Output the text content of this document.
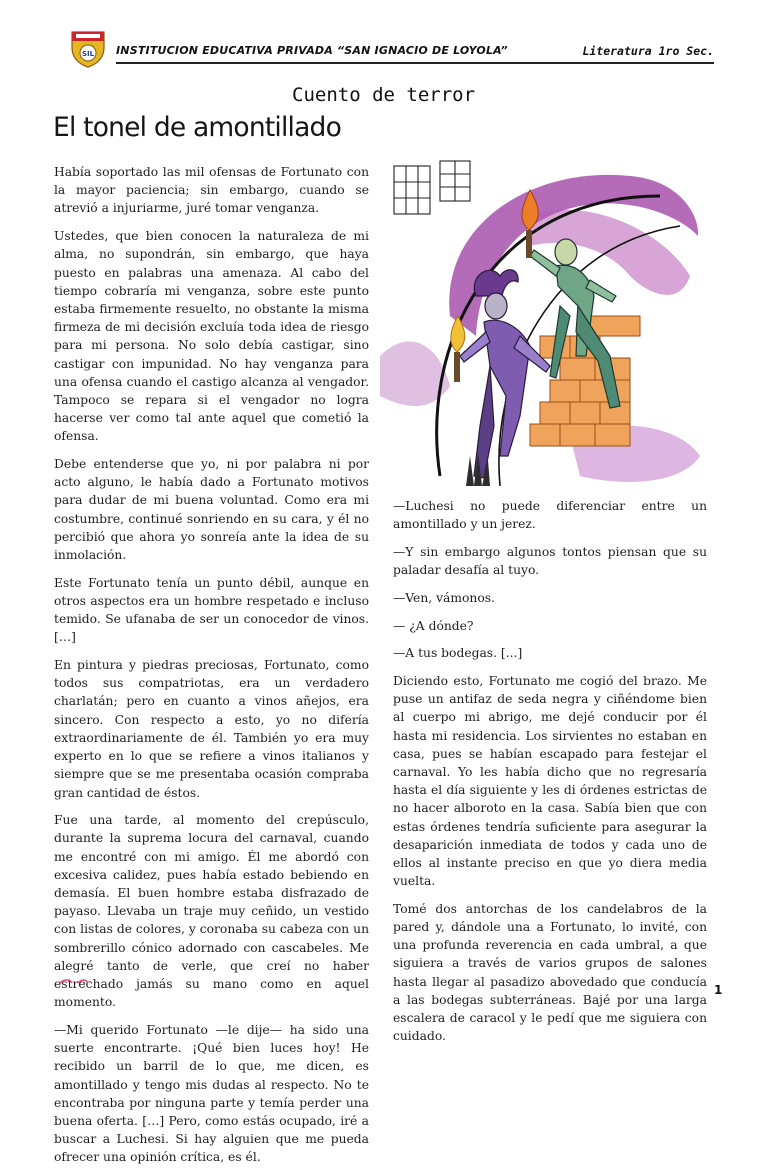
SIL INSTITUCION EDUCATIVA PRIVADA “SAN IGNACIO DE LOYOLA”	Literatura 1ro Sec.
Cuento de terror
El tonel de amontillado

Había soportado las mil ofensas de Fortunato con la mayor paciencia; sin embargo, cuando se atrevió a injuriarme, juré tomar venganza.

Ustedes, que bien conocen la naturaleza de mi alma, no supondrán, sin embargo, que haya puesto en palabras una amenaza. Al cabo del tiempo cobraría mi venganza, sobre este punto estaba firmemente resuelto, no obstante la misma firmeza de mi decisión excluía toda idea de riesgo para mi persona. No solo debía castigar, sino castigar con impunidad. No hay venganza para una ofensa cuando el castigo alcanza al vengador. Tampoco se repara si el vengador no logra hacerse ver como tal ante aquel que cometió la ofensa.

Debe entenderse que yo, ni por palabra ni por acto alguno, le había dado a Fortunato motivos para dudar de mi buena voluntad. Como era mi costumbre, continué sonriendo en su cara, y él no percibió que ahora yo sonreía ante la idea de su inmolación.

Este Fortunato tenía un punto débil, aunque en otros aspectos era un hombre respetado e incluso temido. Se ufanaba de ser un conocedor de vinos. […]

En pintura y piedras preciosas, Fortunato, como todos sus compatriotas, era un verdadero charlatán; pero en cuanto a vinos añejos, era sincero. Con respecto a esto, yo no difería extraordinariamente de él. También yo era muy experto en lo que se refiere a vinos italianos y siempre que se me presentaba ocasión compraba gran cantidad de éstos.

Fue una tarde, al momento del crepúsculo, durante la suprema locura del carnaval, cuando me encontré con mi amigo. Él me abordó con excesiva calidez, pues había estado bebiendo en demasía. El buen hombre estaba disfrazado de payaso. Llevaba un traje muy ceñido, un vestido con listas de colores, y coronaba su cabeza con un sombrerillo cónico adornado con cascabeles. Me alegré tanto de verle, que creí no haber estrechado jamás su mano como en aquel momento.

—Mi querido Fortunato —le dije— ha sido una suerte encontrarte. ¡Qué bien luces hoy! He recibido un barril de lo que, me dicen, es amontillado y tengo mis dudas al respecto. No te encontraba por ninguna parte y temía perder una buena oferta. […] Pero, como estás ocupado, iré a buscar a Luchesi. Si hay alguien que me pueda ofrecer una opinión crítica, es él.

—Luchesi no puede diferenciar entre un amontillado y un jerez.

—Y sin embargo algunos tontos piensan que su paladar desafía al tuyo.

—Ven, vámonos.

— ¿A dónde?

—A tus bodegas. [...]

Diciendo esto, Fortunato me cogió del brazo. Me puse un antifaz de seda negra y ciñéndome bien al cuerpo mi abrigo, me dejé conducir por él hasta mi residencia. Los sirvientes no estaban en casa, pues se habían escapado para festejar el carnaval. Yo les había dicho que no regresaría hasta el día siguiente y les di órdenes estrictas de no hacer alboroto en la casa. Sabía bien que con estas órdenes tendría suficiente para asegurar la desaparición inmediata de todos y cada uno de ellos al instante preciso en que yo diera media vuelta.

Tomé dos antorchas de los candelabros de la pared y, dándole una a Fortunato, lo invité, con una profunda reverencia en cada umbral, a que siguiera a través de varios grupos de salones hasta llegar al pasadizo abovedado que conducía a las bodegas subterráneas. Bajé por una larga escalera de caracol y le pedí que me siguiera con cuidado.

1
